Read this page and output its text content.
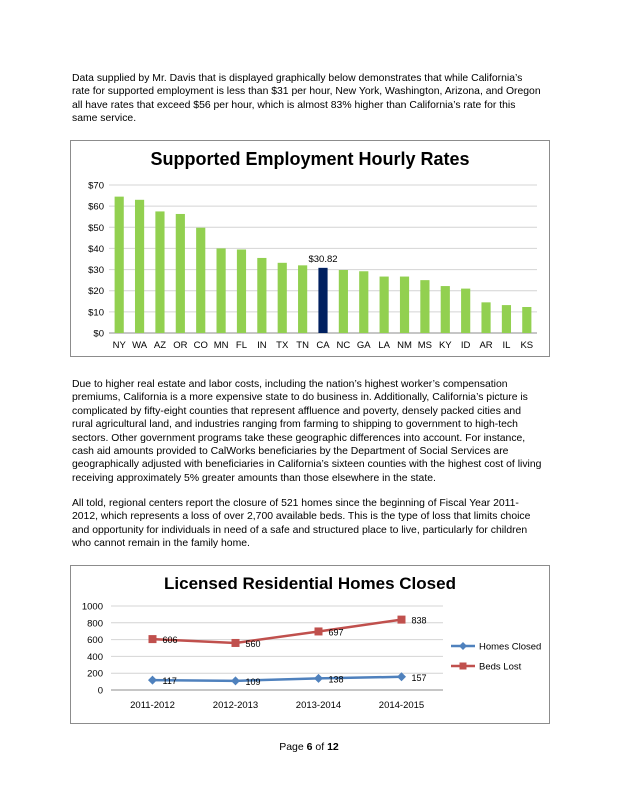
Data supplied by Mr. Davis that is displayed graphically below demonstrates that while California’s rate for supported employment is less than $31 per hour, New York, Washington, Arizona, and Oregon all have rates that exceed $56 per hour, which is almost 83% higher than California’s rate for this same service.
Supported Employment Hourly Rates
$0
$10
$20
$30
$40
$50
$60
$70
NY WA AZ OR CO MN FL IN TX TN CA
$30.82
NC GA LA NM MS KY ID AR IL KS
Due to higher real estate and labor costs, including the nation’s highest worker’s compensation premiums, California is a more expensive state to do business in. Additionally, California’s picture is complicated by fifty-eight counties that represent affluence and poverty, densely packed cities and rural agricultural land, and industries ranging from farming to shipping to government to high-tech sectors. Other government programs take these geographic differences into account. For instance, cash aid amounts provided to CalWorks beneficiaries by the Department of Social Services are geographically adjusted with beneficiaries in California’s sixteen counties with the highest cost of living receiving approximately 5% greater amounts than those elsewhere in the state.
All told, regional centers report the closure of 521 homes since the beginning of Fiscal Year 2011-2012, which represents a loss of over 2,700 available beds. This is the type of loss that limits choice and opportunity for individuals in need of a safe and structured place to live, particularly for children who cannot remain in the family home.
Licensed Residential Homes Closed
0
200
400
600
800
1000
2011-2012	2012-2013	2013-2014	2014-2015
117	109	138	157
606	560
697
838
Homes Closed
Beds Lost
Page 6 of 12
